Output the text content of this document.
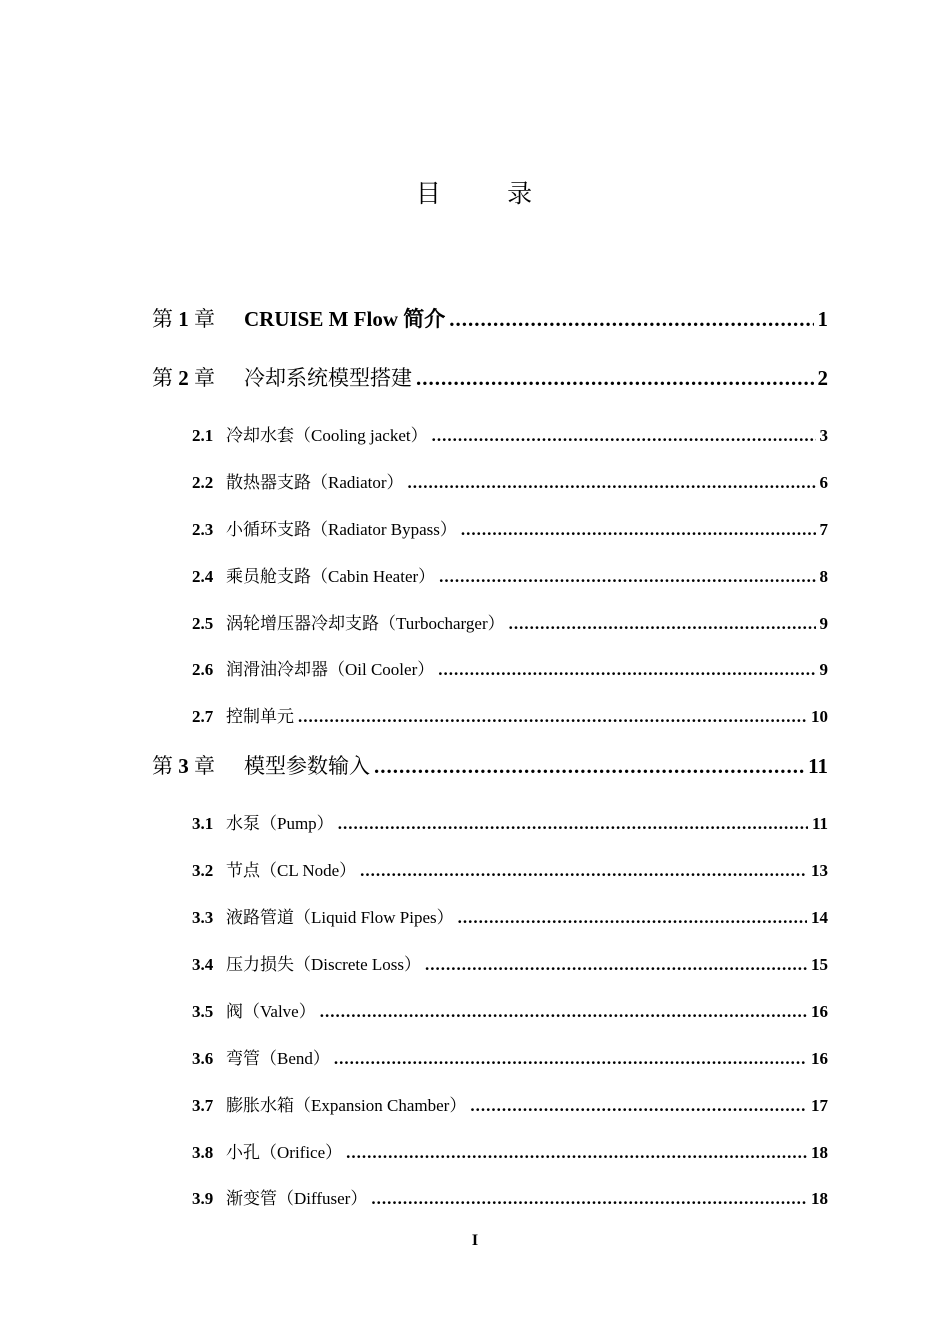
目 录
第 1 章	CRUISE M Flow 简介 .....	1
第 2 章	冷却系统模型搭建 .....	2
2.1 冷却水套（Cooling jacket） .....	3
2.2 散热器支路（Radiator） .....	6
2.3 小循环支路（Radiator Bypass） .....	7
2.4 乘员舱支路（Cabin Heater） .....	8
2.5 涡轮增压器冷却支路（Turbocharger） .....	9
2.6 润滑油冷却器（Oil Cooler） .....	9
2.7 控制单元 .....	10
第 3 章	模型参数输入 .....	11
3.1 水泵（Pump） .....	11
3.2 节点（CL Node） .....	13
3.3 液路管道（Liquid Flow Pipes） .....	14
3.4 压力损失（Discrete Loss） .....	15
3.5 阀（Valve） .....	16
3.6 弯管（Bend） .....	16
3.7 膨胀水箱（Expansion Chamber） .....	17
3.8 小孔（Orifice） .....	18
3.9 渐变管（Diffuser） .....	18
I
